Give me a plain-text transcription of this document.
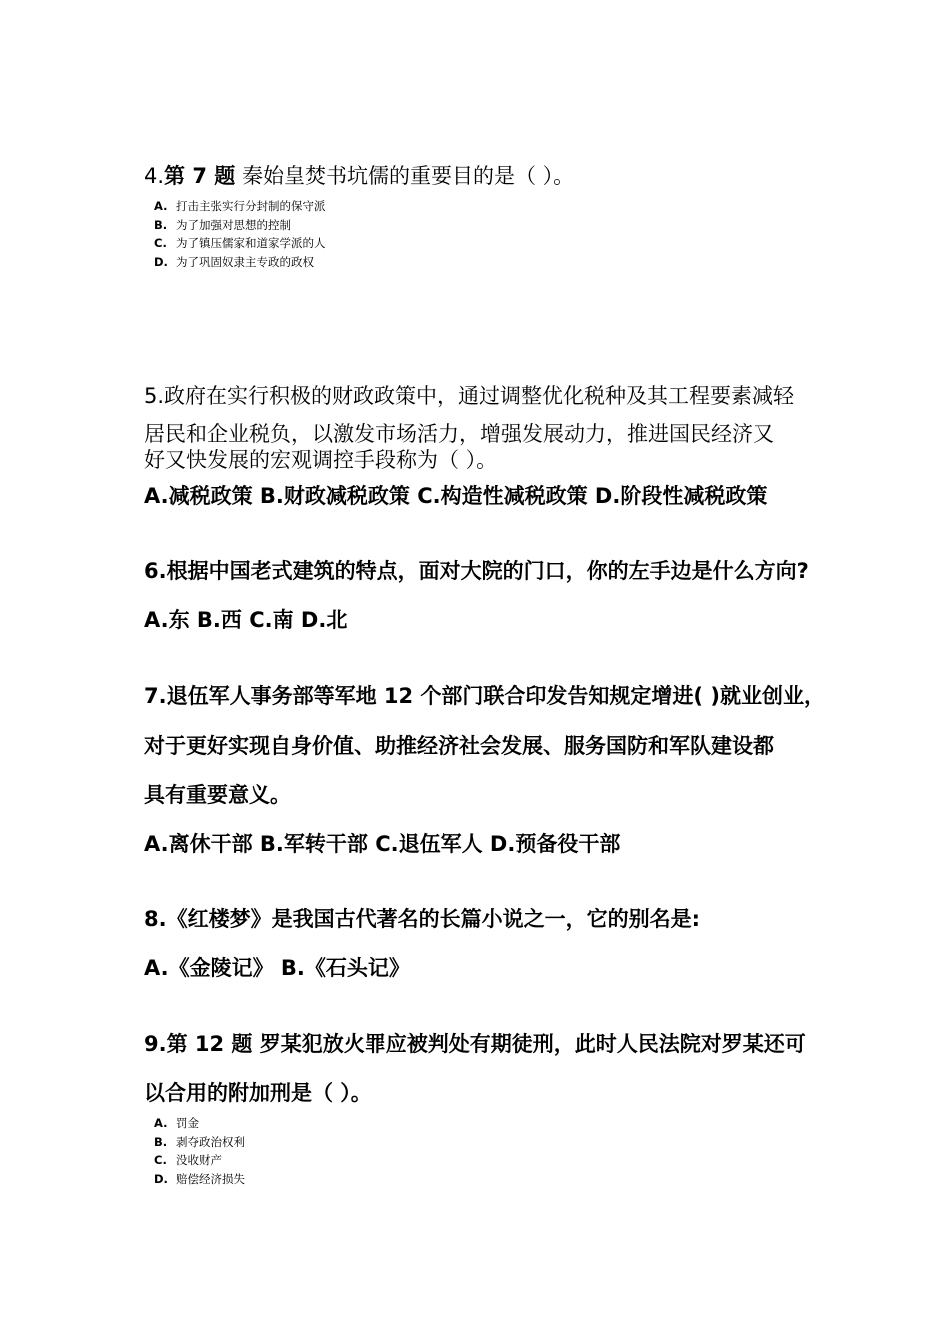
4.第 7 题 秦始皇焚书坑儒的重要目的是（ ）。
A. 打击主张实行分封制的保守派
B. 为了加强对思想的控制
C. 为了镇压儒家和道家学派的人
D. 为了巩固奴隶主专政的政权
5.政府在实行积极的财政政策中，通过调整优化税种及其工程要素减轻
居民和企业税负，以激发市场活力，增强发展动力，推进国民经济又
好又快发展的宏观调控手段称为（ ）。
A.减税政策 B.财政减税政策 C.构造性减税政策 D.阶段性减税政策
6.根据中国老式建筑的特点，面对大院的门口，你的左手边是什么方向?
A.东 B.西 C.南 D.北
7.退伍军人事务部等军地 12 个部门联合印发告知规定增进( )就业创业，
对于更好实现自身价值、助推经济社会发展、服务国防和军队建设都
具有重要意义。
A.离休干部 B.军转干部 C.退伍军人 D.预备役干部
8.《红楼梦》是我国古代著名的长篇小说之一，它的别名是:
A.《金陵记》 B.《石头记》
9.第 12 题 罗某犯放火罪应被判处有期徒刑，此时人民法院对罗某还可
以合用的附加刑是（ ）。
A. 罚金
B. 剥夺政治权利
C. 没收财产
D. 赔偿经济损失
